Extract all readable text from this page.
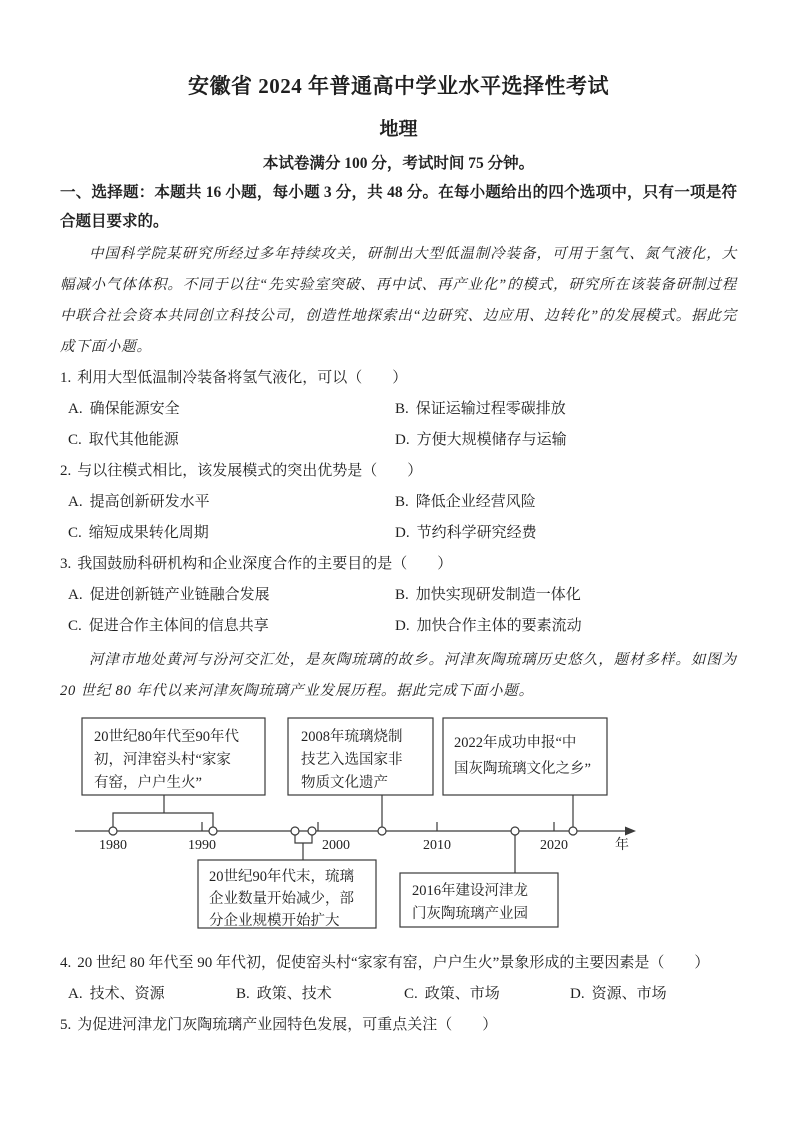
安徽省 2024 年普通高中学业水平选择性考试
地理

本试卷满分 100 分，考试时间 75 分钟。

一、选择题：本题共 16 小题，每小题 3 分，共 48 分。在每小题给出的四个选项中，只有一项是符合题目要求的。

中国科学院某研究所经过多年持续攻关，研制出大型低温制冷装备，可用于氢气、氮气液化，大幅减小气体体积。不同于以往“先实验室突破、再中试、再产业化”的模式，研究所在该装备研制过程中联合社会资本共同创立科技公司，创造性地探索出“边研究、边应用、边转化”的发展模式。据此完成下面小题。

1. 利用大型低温制冷装备将氢气液化，可以（　　）

A. 确保能源安全	B. 保证运输过程零碳排放
C. 取代其他能源	D. 方便大规模储存与运输

2. 与以往模式相比，该发展模式的突出优势是（　　）

A. 提高创新研发水平	B. 降低企业经营风险
C. 缩短成果转化周期	D. 节约科学研究经费

3. 我国鼓励科研机构和企业深度合作的主要目的是（　　）

A. 促进创新链产业链融合发展	B. 加快实现研发制造一体化
C. 促进合作主体间的信息共享	D. 加快合作主体的要素流动

河津市地处黄河与汾河交汇处，是灰陶琉璃的故乡。河津灰陶琉璃历史悠久，题材多样。如图为 20 世纪 80 年代以来河津灰陶琉璃产业发展历程。据此完成下面小题。

20世纪80年代至90年代
初，河津窑头村“家家
有窑，户户生火”
2008年琉璃烧制
技艺入选国家非
物质文化遗产
2022年成功申报“中
国灰陶琉璃文化之乡”
1980	1990	2000	2010	2020	年
20世纪90年代末，琉璃
企业数量开始减少，部
分企业规模开始扩大
2016年建设河津龙
门灰陶琉璃产业园

4. 20 世纪 80 年代至 90 年代初，促使窑头村“家家有窑，户户生火”景象形成的主要因素是（　　）

A. 技术、资源	B. 政策、技术	C. 政策、市场	D. 资源、市场

5. 为促进河津龙门灰陶琉璃产业园特色发展，可重点关注（　　）
